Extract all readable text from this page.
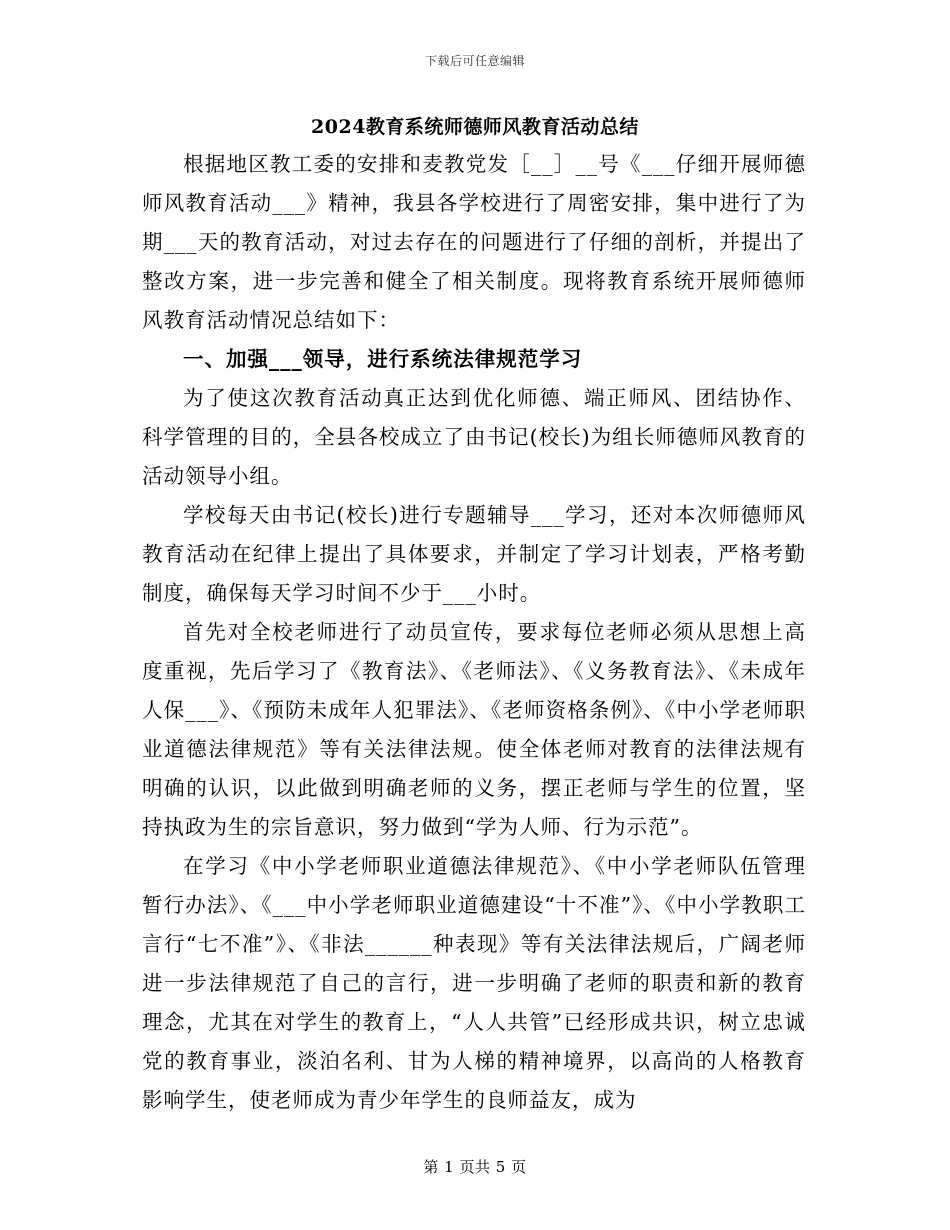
下载后可任意编辑
2024教育系统师德师风教育活动总结

根据地区教工委的安排和麦教党发［__］__号《___仔细开展师德师风教育活动___》精神，我县各学校进行了周密安排，集中进行了为期___天的教育活动，对过去存在的问题进行了仔细的剖析，并提出了整改方案，进一步完善和健全了相关制度。现将教育系统开展师德师风教育活动情况总结如下：

一、加强___领导，进行系统法律规范学习

为了使这次教育活动真正达到优化师德、端正师风、团结协作、科学管理的目的，全县各校成立了由书记(校长)为组长师德师风教育的活动领导小组。

学校每天由书记(校长)进行专题辅导___学习，还对本次师德师风教育活动在纪律上提出了具体要求，并制定了学习计划表，严格考勤制度，确保每天学习时间不少于___小时。

首先对全校老师进行了动员宣传，要求每位老师必须从思想上高度重视，先后学习了《教育法》、《老师法》、《义务教育法》、《未成年人保___》、《预防未成年人犯罪法》、《老师资格条例》、《中小学老师职业道德法律规范》等有关法律法规。使全体老师对教育的法律法规有明确的认识，以此做到明确老师的义务，摆正老师与学生的位置，坚持执政为生的宗旨意识，努力做到“学为人师、行为示范”。

在学习《中小学老师职业道德法律规范》、《中小学老师队伍管理暂行办法》、《___中小学老师职业道德建设“十不准”》、《中小学教职工言行“七不准”》、《非法______种表现》等有关法律法规后，广阔老师进一步法律规范了自己的言行，进一步明确了老师的职责和新的教育理念，尤其在对学生的教育上，“人人共管”已经形成共识，树立忠诚党的教育事业，淡泊名利、甘为人梯的精神境界，以高尚的人格教育影响学生，使老师成为青少年学生的良师益友，成为

第 1 页共 5 页
